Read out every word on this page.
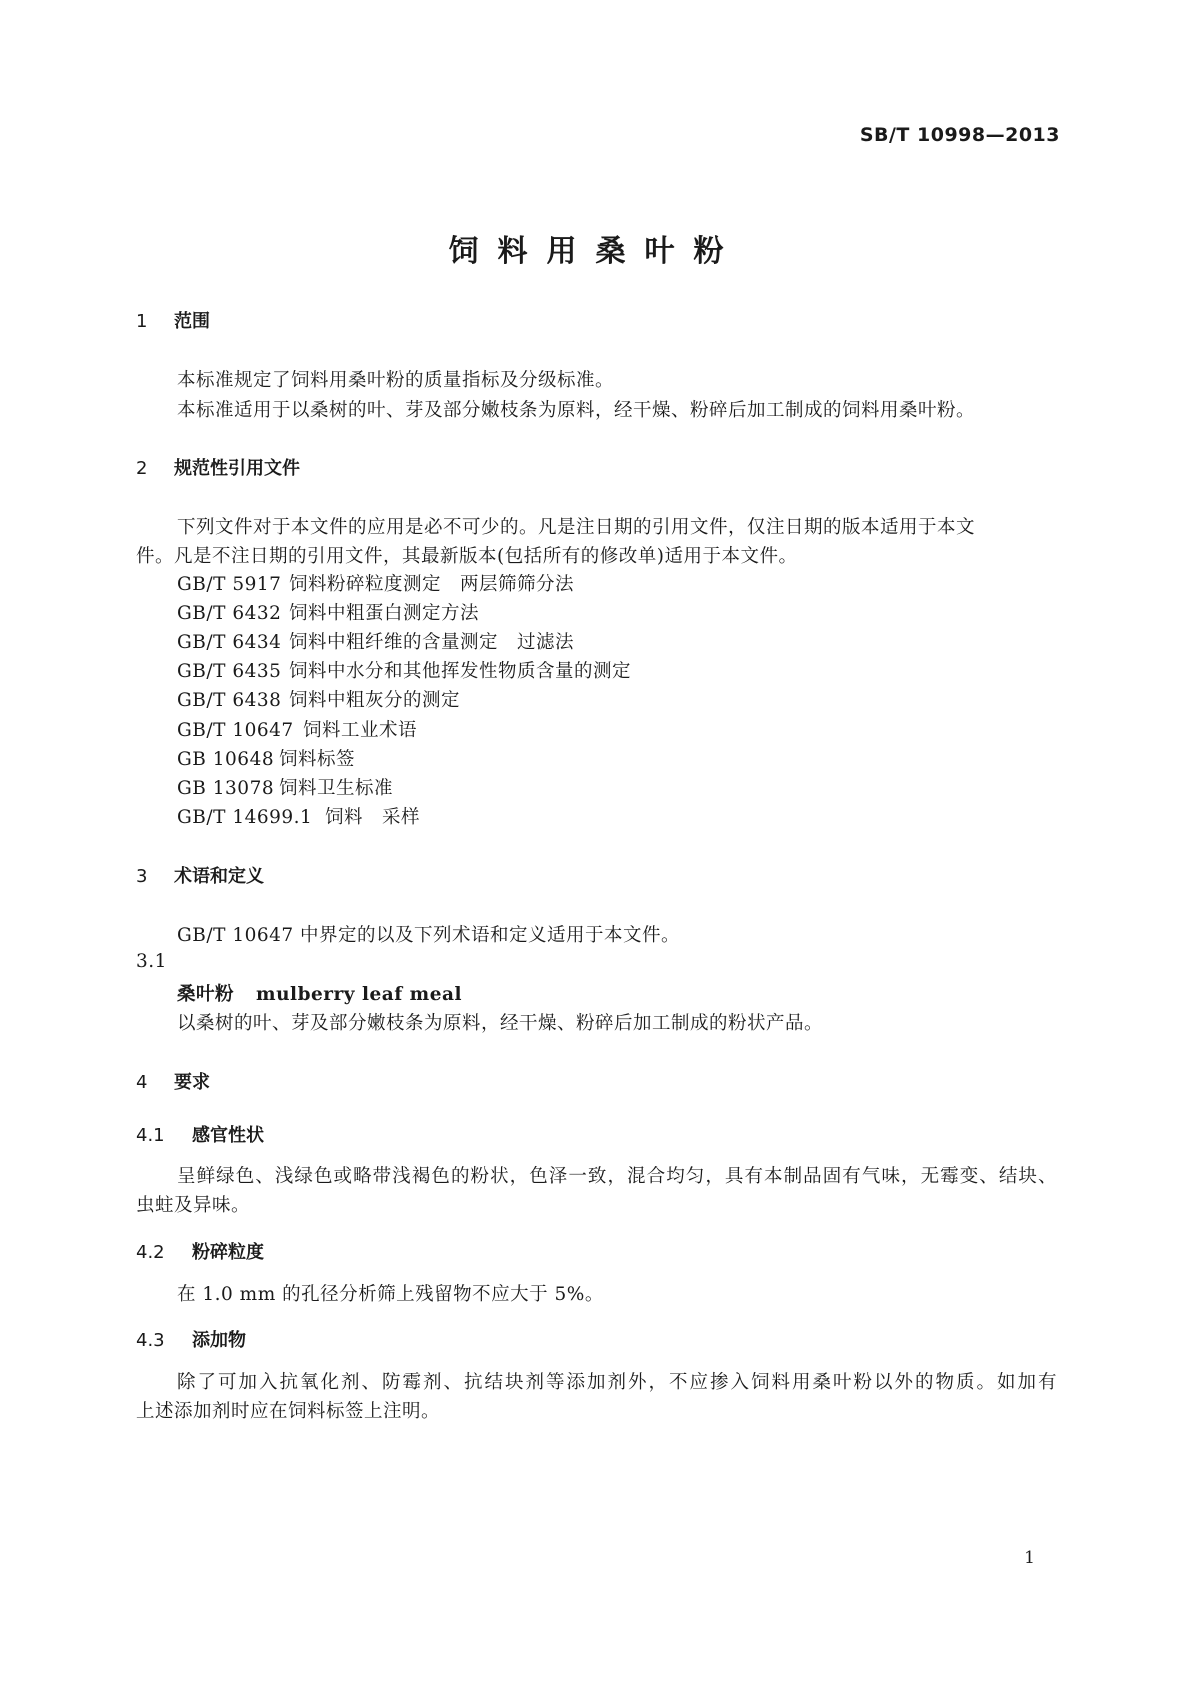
SB/T 10998—2013
饲料用桑叶粉
1 范围
本标准规定了饲料用桑叶粉的质量指标及分级标准。
本标准适用于以桑树的叶、芽及部分嫩枝条为原料，经干燥、粉碎后加工制成的饲料用桑叶粉。
2 规范性引用文件
下列文件对于本文件的应用是必不可少的。凡是注日期的引用文件，仅注日期的版本适用于本文
件。凡是不注日期的引用文件，其最新版本(包括所有的修改单)适用于本文件。
GB/T 5917 饲料粉碎粒度测定　两层筛筛分法
GB/T 6432 饲料中粗蛋白测定方法
GB/T 6434 饲料中粗纤维的含量测定　过滤法
GB/T 6435 饲料中水分和其他挥发性物质含量的测定
GB/T 6438 饲料中粗灰分的测定
GB/T 10647 饲料工业术语
GB 10648 饲料标签
GB 13078 饲料卫生标准
GB/T 14699.1 饲料　采样
3 术语和定义
GB/T 10647 中界定的以及下列术语和定义适用于本文件。
3.1
桑叶粉 mulberry leaf meal
以桑树的叶、芽及部分嫩枝条为原料，经干燥、粉碎后加工制成的粉状产品。
4 要求
4.1 感官性状
呈鲜绿色、浅绿色或略带浅褐色的粉状，色泽一致，混合均匀，具有本制品固有气味，无霉变、结块、
虫蛀及异味。
4.2 粉碎粒度
在 1.0 mm 的孔径分析筛上残留物不应大于 5%。
4.3 添加物
除了可加入抗氧化剂、防霉剂、抗结块剂等添加剂外，不应掺入饲料用桑叶粉以外的物质。如加有
上述添加剂时应在饲料标签上注明。
1
